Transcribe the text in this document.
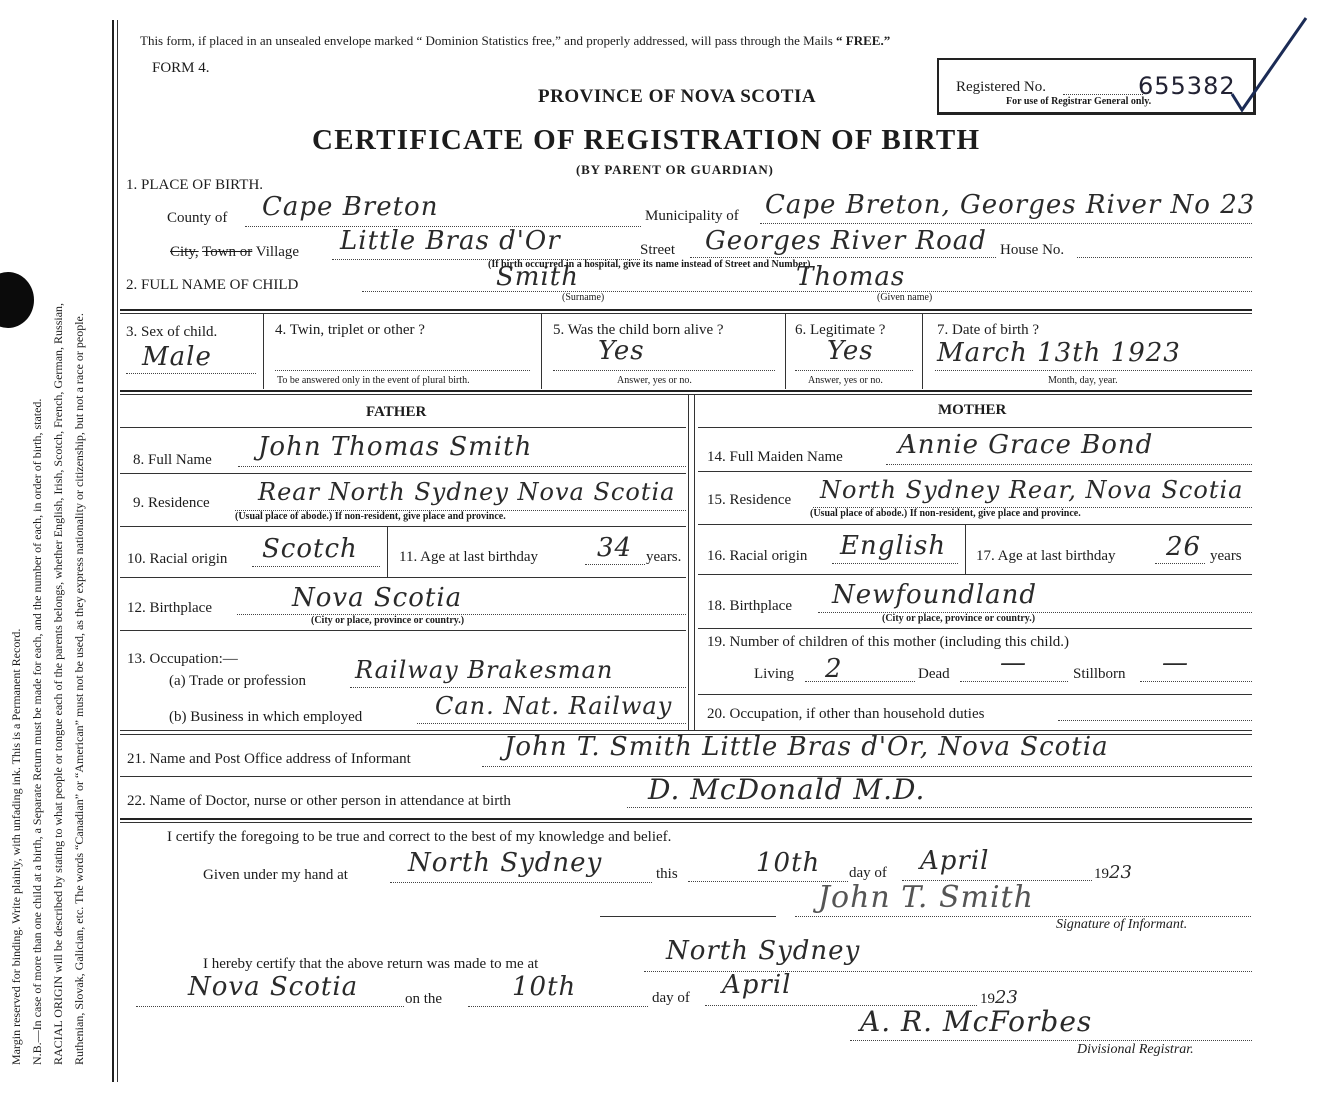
Margin reserved for binding. Write plainly, with unfading ink. This is a Permanent Record. N.B.—In case of more than one child at a birth, a Separate Return must be made for each, and the number of each, in order of birth, stated. RACIAL ORIGIN will be described by stating to what people or tongue each of the parents belongs, whether English, Irish, Scotch, French, German, Russian, Ruthenian, Slovak, Galician, etc. The words “Canadian” or “American” must not be used, as they express nationality or citizenship, but not a race or people.
This form, if placed in an unsealed envelope marked “ Dominion Statistics free,” and properly addressed, will pass through the Mails “ FREE.”
FORM 4.
PROVINCE OF NOVA SCOTIA
CERTIFICATE OF REGISTRATION OF BIRTH
(BY PARENT OR GUARDIAN)
Registered No.	655382
For use of Registrar General only.
1. PLACE OF BIRTH.
County of Cape Breton	Municipality of Cape Breton, Georges River No 23
City, Town or Village Little Bras d'Or	Street Georges River Road House No.
(If birth occurred in a hospital, give its name instead of Street and Number)
2. FULL NAME OF CHILD	Smith
(Surname)
Thomas
(Given name)
3. Sex of child.
Male
4. Twin, triplet or other ?
To be answered only in the event of plural birth.
5. Was the child born alive ?
Yes
Answer, yes or no.
6. Legitimate ?
Yes
Answer, yes or no.
7. Date of birth ?
March 13th 1923
Month, day, year.
FATHER	MOTHER
8. Full Name John Thomas Smith
9. Residence Rear North Sydney Nova Scotia
(Usual place of abode.) If non-resident, give place and province.
10. Racial origin Scotch	11. Age at last birthday 34 years.
12. Birthplace	Nova Scotia
(City or place, province or country.)
13. Occupation:—
(a) Trade or profession Railway Brakesman
(b) Business in which employed	Can. Nat. Railway
14. Full Maiden Name Annie Grace Bond
15. Residence North Sydney Rear, Nova Scotia
(Usual place of abode.) If non-resident, give place and province.
16. Racial origin English 17. Age at last birthday 26 years
18. Birthplace Newfoundland
(City or place, province or country.)
19. Number of children of this mother (including this child.)
Living 2	Dead —	Stillborn —
20. Occupation, if other than household duties
21. Name and Post Office address of Informant	John T. Smith Little Bras d'Or, Nova Scotia
22. Name of Doctor, nurse or other person in attendance at birth	D. McDonald M.D.
I certify the foregoing to be true and correct to the best of my knowledge and belief.
Given under my hand at North Sydney	this	10th day of April	1923
John T. Smith
Signature of Informant.
I hereby certify that the above return was made to me at	North Sydney
Nova Scotia	on the	10th	day of April	1923
A. R. McForbes
Divisional Registrar.
